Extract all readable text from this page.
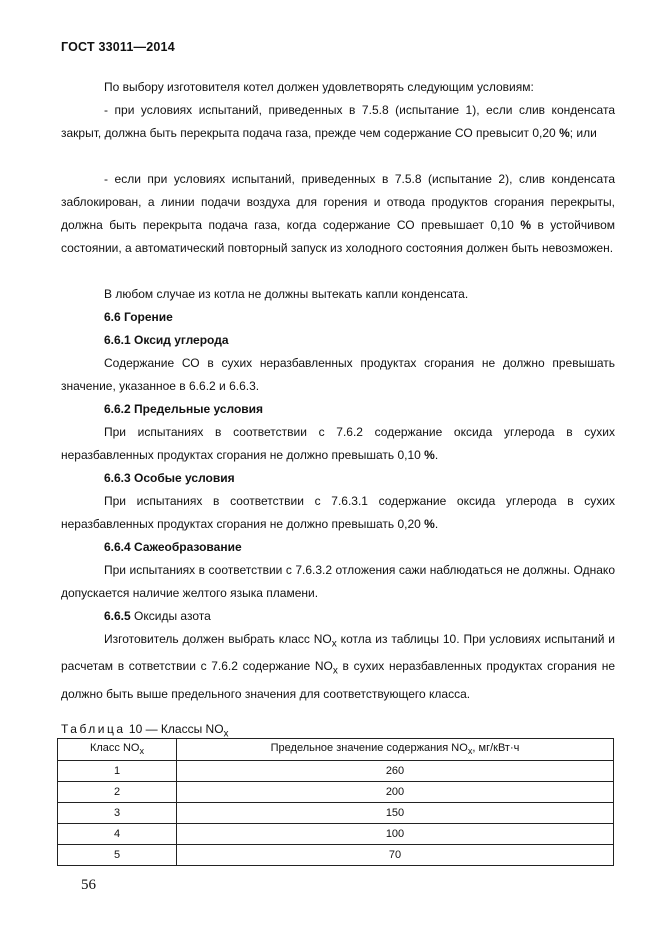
ГОСТ 33011—2014

По выбору изготовителя котел должен удовлетворять следующим условиям:

- при условиях испытаний, приведенных в 7.5.8 (испытание 1), если слив конденсата закрыт, должна быть перекрыта подача газа, прежде чем содержание СО превысит 0,20 %; или

- если при условиях испытаний, приведенных в 7.5.8 (испытание 2), слив конденсата заблокирован, а линии подачи воздуха для горения и отвода продуктов сгорания перекрыты, должна быть перекрыта подача газа, когда содержание СО превышает 0,10 % в устойчивом состоянии, а автоматический повторный запуск из холодного состояния должен быть невозможен.

В любом случае из котла не должны вытекать капли конденсата.

6.6 Горение

6.6.1 Оксид углерода

Содержание СО в сухих неразбавленных продуктах сгорания не должно превышать значение, указанное в 6.6.2 и 6.6.3.

6.6.2 Предельные условия

При испытаниях в соответствии с 7.6.2 содержание оксида углерода в сухих неразбавленных продуктах сгорания не должно превышать 0,10 %.

6.6.3 Особые условия

При испытаниях в соответствии с 7.6.3.1 содержание оксида углерода в сухих неразбавленных продуктах сгорания не должно превышать 0,20 %.

6.6.4 Сажеобразование

При испытаниях в соответствии с 7.6.3.2 отложения сажи наблюдаться не должны. Однако допускается наличие желтого языка пламени.

6.6.5 Оксиды азота

Изготовитель должен выбрать класс $NO_x$ котла из таблицы 10. При условиях испытаний и расчетам в сответствии с 7.6.2 содержание $NO_x$ в сухих неразбавленных продуктах сгорания не должно быть выше предельного значения для соответствующего класса.

Таблица 10 — Классы $NO_x$
Класс $NO_x$	Предельное значение содержания $NO_x$, мг/кВт·ч
1	260
2	200
3	150
4	100
5	70
56
